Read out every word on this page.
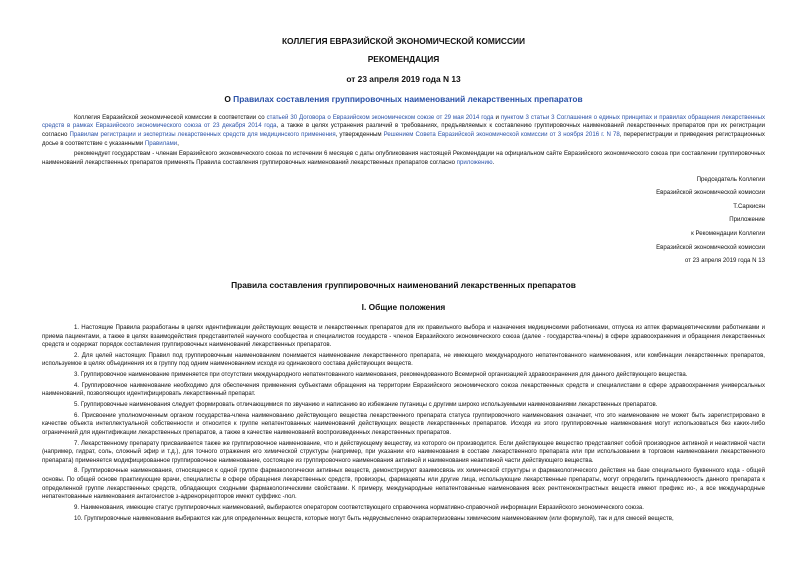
КОЛЛЕГИЯ ЕВРАЗИЙСКОЙ ЭКОНОМИЧЕСКОЙ КОМИССИИ
РЕКОМЕНДАЦИЯ
от 23 апреля 2019 года N 13
О Правилах составления группировочных наименований лекарственных препаратов

Коллегия Евразийской экономической комиссии в соответствии со статьей 30 Договора о Евразийском экономическом союзе от 29 мая 2014 года и пунктом 3 статьи 3 Соглашения о единых принципах и правилах обращения лекарственных средств в рамках Евразийского экономического союза от 23 декабря 2014 года, а также в целях устранения различий в требованиях, предъявляемых к составлению группировочных наименований лекарственных препаратов при их регистрации согласно Правилам регистрации и экспертизы лекарственных средств для медицинского применения, утвержденным Решением Совета Евразийской экономической комиссии от 3 ноября 2016 г. N 78, перерегистрации и приведения регистрационных досье в соответствие с указанными Правилами,

рекомендует государствам - членам Евразийского экономического союза по истечении 6 месяцев с даты опубликования настоящей Рекомендации на официальном сайте Евразийского экономического союза при составлении группировочных наименований лекарственных препаратов применять Правила составления группировочных наименований лекарственных препаратов согласно приложению.

Председатель Коллегии
Евразийской экономической комиссии
Т.Саркисян
Приложение
к Рекомендации Коллегии
Евразийской экономической комиссии
от 23 апреля 2019 года N 13
Правила составления группировочных наименований лекарственных препаратов
I. Общие положения

1. Настоящие Правила разработаны в целях идентификации действующих веществ и лекарственных препаратов для их правильного выбора и назначения медицинскими работниками, отпуска из аптек фармацевтическими работниками и приема пациентами, а также в целях взаимодействия представителей научного сообщества и специалистов государств - членов Евразийского экономического союза (далее - государства-члены) в сфере здравоохранения и обращения лекарственных средств и содержат порядок составления группировочных наименований лекарственных препаратов.

2. Для целей настоящих Правил под группировочным наименованием понимается наименование лекарственного препарата, не имеющего международного непатентованного наименования, или комбинации лекарственных препаратов, используемое в целях объединения их в группу под одним наименованием исходя из одинакового состава действующих веществ.

3. Группировочное наименование применяется при отсутствии международного непатентованного наименования, рекомендованного Всемирной организацией здравоохранения для данного действующего вещества.

4. Группировочное наименование необходимо для обеспечения применения субъектами обращения на территории Евразийского экономического союза лекарственных средств и специалистами в сфере здравоохранения универсальных наименований, позволяющих идентифицировать лекарственный препарат.

5. Группировочные наименования следует формировать отличающимися по звучанию и написанию во избежание путаницы с другими широко используемыми наименованиями лекарственных препаратов.

6. Присвоение уполномоченным органом государства-члена наименованию действующего вещества лекарственного препарата статуса группировочного наименования означает, что это наименование не может быть зарегистрировано в качестве объекта интеллектуальной собственности и относится к группе непатентованных наименований действующих веществ лекарственных препаратов. Исходя из этого группировочные наименования могут использоваться без каких-либо ограничений для идентификации лекарственных препаратов, а также в качестве наименований воспроизведенных лекарственных препаратов.

7. Лекарственному препарату присваивается также же группировочное наименование, что и действующему веществу, из которого он производится. Если действующее вещество представляет собой производное активной и неактивной части (например, гидрат, соль, сложный эфир и т.д.), для точного отражения его химической структуры (например, при указании его наименования в составе лекарственного препарата или при использовании в торговом наименовании лекарственного препарата) применяется модифицированное группировочное наименование, состоящее из группировочного наименования активной и наименования неактивной части действующего вещества.

8. Группировочные наименования, относящиеся к одной группе фармакологически активных веществ, демонстрируют взаимосвязь их химической структуры и фармакологического действия на базе специального буквенного кода - общей основы. По общей основе практикующие врачи, специалисты в сфере обращения лекарственных средств, провизоры, фармацевты или другие лица, использующие лекарственные препараты, могут определить принадлежность данного препарата к определенной группе лекарственных средств, обладающих сходными фармакологическими свойствами. К примеру, международные непатентованные наименования всех рентгеноконтрастных веществ имеют префикс ио-, а все международные непатентованные наименования антагонистов з-адренорецепторов имеют суффикс -лол.

9. Наименования, имеющие статус группировочных наименований, выбираются оператором соответствующего справочника нормативно-справочной информации Евразийского экономического союза.

10. Группировочные наименования выбираются как для определенных веществ, которые могут быть недвусмысленно охарактеризованы химическим наименованием (или формулой), так и для смесей веществ,
